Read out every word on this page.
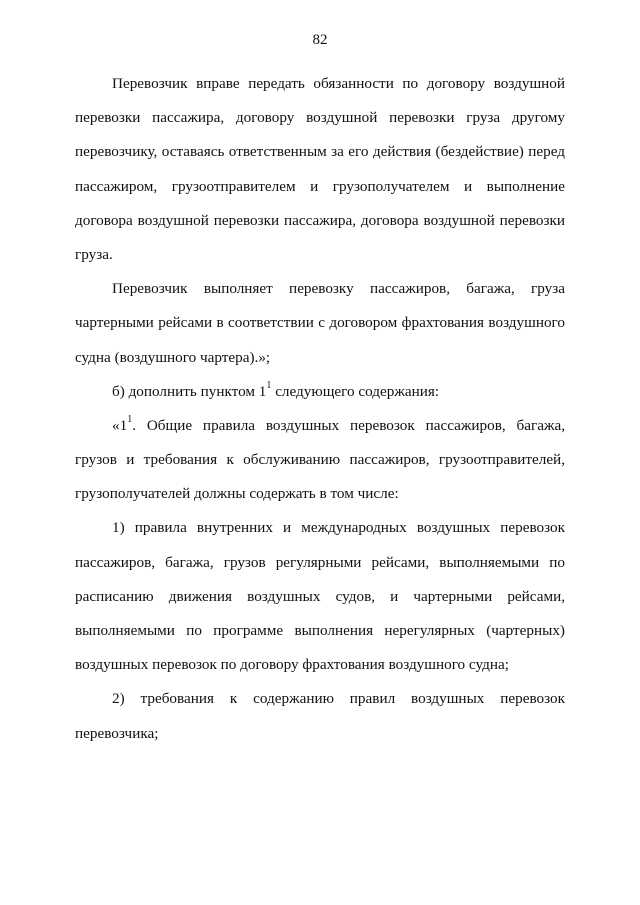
82
Перевозчик вправе передать обязанности по договору воздушной
перевозки пассажира, договору воздушной перевозки груза другому
перевозчику, оставаясь ответственным за его действия (бездействие) перед
пассажиром, грузоотправителем и грузополучателем и выполнение
договора воздушной перевозки пассажира, договора воздушной перевозки
груза.
Перевозчик выполняет перевозку пассажиров, багажа, груза
чартерными рейсами в соответствии с договором фрахтования воздушного
судна (воздушного чартера).»;
б) дополнить пунктом $1^1$ следующего содержания:
«$1^1$. Общие правила воздушных перевозок пассажиров, багажа,
грузов и требования к обслуживанию пассажиров, грузоотправителей,
грузополучателей должны содержать в том числе:
1) правила внутренних и международных воздушных перевозок
пассажиров, багажа, грузов регулярными рейсами, выполняемыми по
расписанию движения воздушных судов, и чартерными рейсами,
выполняемыми по программе выполнения нерегулярных (чартерных)
воздушных перевозок по договору фрахтования воздушного судна;
2) требования к содержанию правил воздушных перевозок
перевозчика;
